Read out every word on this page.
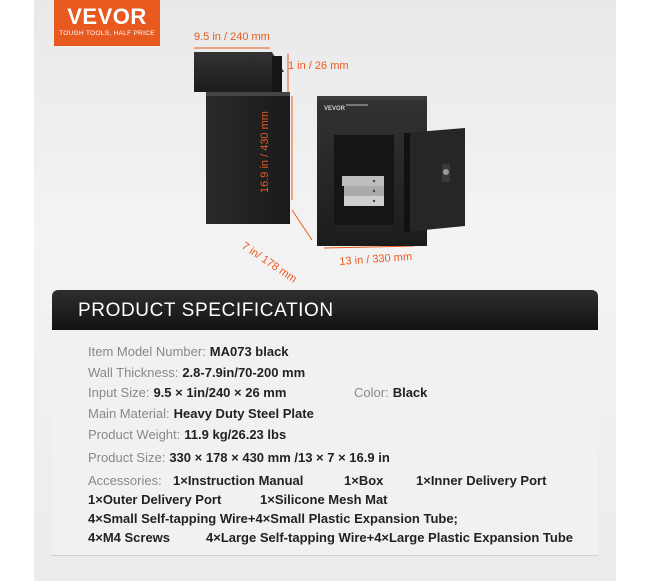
VEVOR
TOUGH TOOLS, HALF PRICE
VEVOR
9.5 in / 240 mm
1 in / 26 mm
16.9 in / 430 mm
7 in/ 178 mm	13 in / 330 mm
PRODUCT SPECIFICATION
Item Model Number: MA073 black
Wall Thickness: 2.8-7.9in/70-200 mm
Input Size: 9.5 × 1in/240 × 26 mm	Color: Black
Main Material: Heavy Duty Steel Plate
Product Weight: 11.9 kg/26.23 lbs
Product Size: 330 × 178 × 430 mm /13 × 7 × 16.9 in
Accessories: 1×Instruction Manual	1×Box	1×Inner Delivery Port
1×Outer Delivery Port	1×Silicone Mesh Mat
4×Small Self-tapping Wire+4×Small Plastic Expansion Tube;
4×M4 Screws	4×Large Self-tapping Wire+4×Large Plastic Expansion Tube
